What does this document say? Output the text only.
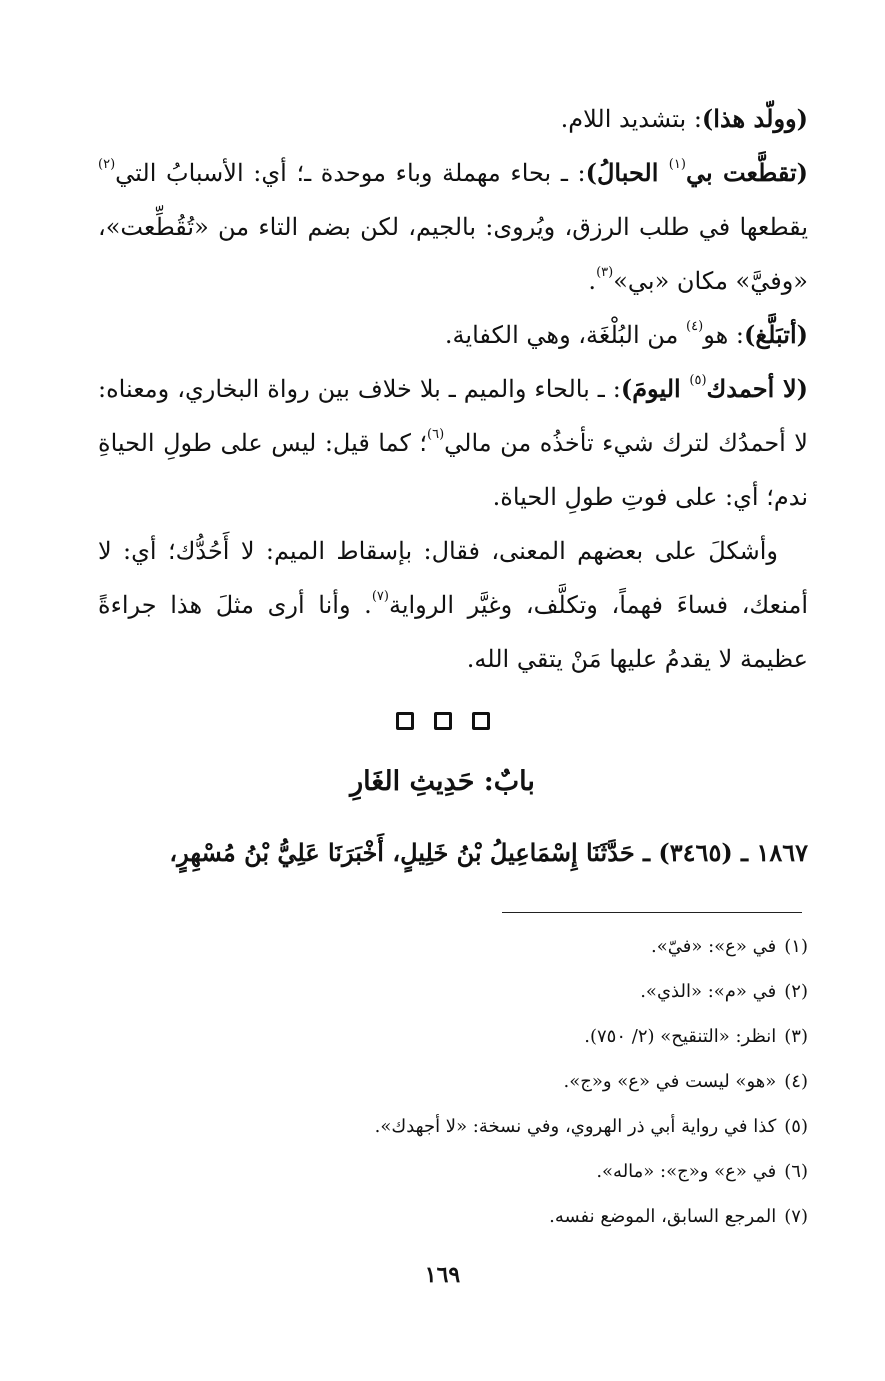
(وولّد هذا): بتشديد اللام.

(تقطَّعت بي$^{(١)}$ الحبالُ): ـ بحاء مهملة وباء موحدة ـ؛ أي: الأسبابُ التي$^{(٢)}$ يقطعها في طلب الرزق، ويُروى: بالجيم، لكن بضم التاء من «تُقُطِّعت»، «وفيَّ» مكان «بي»$^{(٣)}$.

(أتبَلَّغ): هو$^{(٤)}$ من البُلْغَة، وهي الكفاية.

(لا أحمدك$^{(٥)}$ اليومَ): ـ بالحاء والميم ـ بلا خلاف بين رواة البخاري، ومعناه: لا أحمدُك لترك شيء تأخذُه من مالي$^{(٦)}$؛ كما قيل: ليس على طولِ الحياةِ ندم؛ أي: على فوتِ طولِ الحياة.

وأشكلَ على بعضهم المعنى، فقال: بإسقاط الميم: لا أَحُدُّك؛ أي: لا أمنعك، فساءَ فهماً، وتكلَّف، وغيَّر الرواية$^{(٧)}$. وأنا أرى مثلَ هذا جراءةً عظيمة لا يقدمُ عليها مَنْ يتقي الله.

بابٌ: حَدِيثِ الغَارِ
١٨٦٧ ـ (٣٤٦٥) ـ حَدَّثَنَا إِسْمَاعِيلُ بْنُ خَلِيلٍ، أَخْبَرَنَا عَلِيُّ بْنُ مُسْهِرٍ،

(١)في «ع»: «فيّ».

(٢)في «م»: «الذي».

(٣)انظر: «التنقيح» (٢/ ٧٥٠).

(٤)«هو» ليست في «ع» و«ج».

(٥)كذا في رواية أبي ذر الهروي، وفي نسخة: «لا أجهدك».

(٦)في «ع» و«ج»: «ماله».

(٧)المرجع السابق، الموضع نفسه.

١٦٩
